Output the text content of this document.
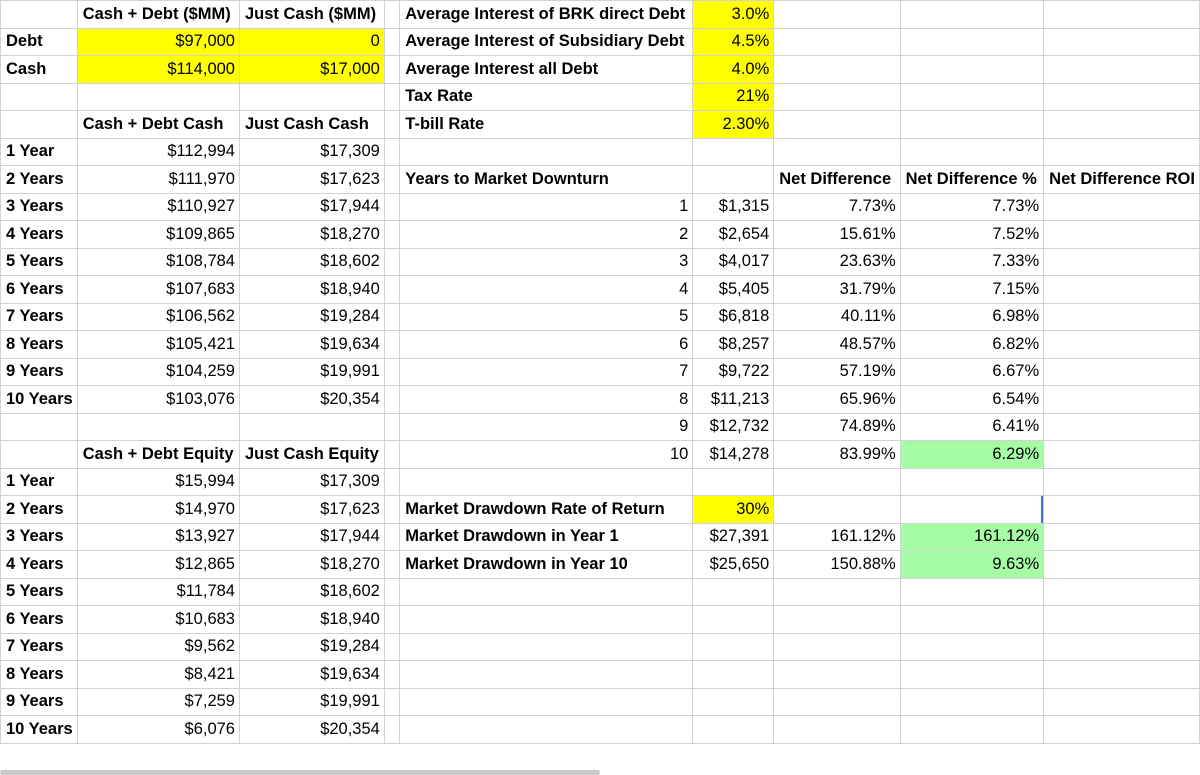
	Cash + Debt ($MM)	Just Cash ($MM)		Average Interest of BRK direct Debt	3.0%			
Debt	$97,000	0		Average Interest of Subsidiary Debt	4.5%			
Cash	$114,000	$17,000		Average Interest all Debt	4.0%			
				Tax Rate	21%			
	Cash + Debt Cash	Just Cash Cash		T-bill Rate	2.30%			
1 Year	$112,994	$17,309						
2 Years	$111,970	$17,623		Years to Market Downturn		Net Difference	Net Difference %	Net Difference ROI
3 Years	$110,927	$17,944		1	$1,315	7.73%	7.73%	
4 Years	$109,865	$18,270		2	$2,654	15.61%	7.52%	
5 Years	$108,784	$18,602		3	$4,017	23.63%	7.33%	
6 Years	$107,683	$18,940		4	$5,405	31.79%	7.15%	
7 Years	$106,562	$19,284		5	$6,818	40.11%	6.98%	
8 Years	$105,421	$19,634		6	$8,257	48.57%	6.82%	
9 Years	$104,259	$19,991		7	$9,722	57.19%	6.67%	
10 Years	$103,076	$20,354		8	$11,213	65.96%	6.54%	
				9	$12,732	74.89%	6.41%	
	Cash + Debt Equity	Just Cash Equity		10	$14,278	83.99%	6.29%	
1 Year	$15,994	$17,309						
2 Years	$14,970	$17,623		Market Drawdown Rate of Return	30%			
3 Years	$13,927	$17,944		Market Drawdown in Year 1	$27,391	161.12%	161.12%	
4 Years	$12,865	$18,270		Market Drawdown in Year 10	$25,650	150.88%	9.63%	
5 Years	$11,784	$18,602						
6 Years	$10,683	$18,940						
7 Years	$9,562	$19,284						
8 Years	$8,421	$19,634						
9 Years	$7,259	$19,991						
10 Years	$6,076	$20,354						
